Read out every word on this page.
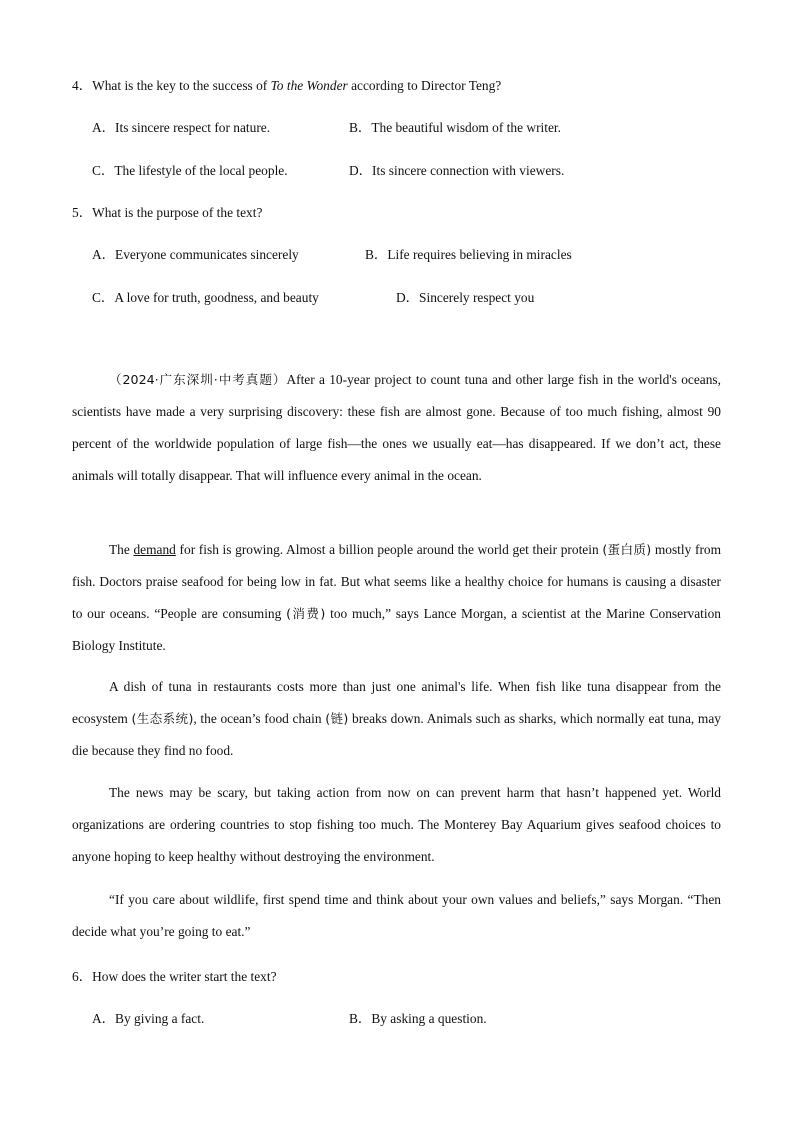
4．What is the key to the success of To the Wonder according to Director Teng?
A．Its sincere respect for nature.	B．The beautiful wisdom of the writer.
C．The lifestyle of the local people.	D．Its sincere connection with viewers.
5．What is the purpose of the text?
A．Everyone communicates sincerely	B．Life requires believing in miracles
C．A love for truth, goodness, and beauty	D．Sincerely respect you

（2024·广东深圳·中考真题）After a 10-year project to count tuna and other large fish in the world's oceans, scientists have made a very surprising discovery: these fish are almost gone. Because of too much fishing, almost 90 percent of the worldwide population of large fish—the ones we usually eat—has disappeared. If we don’t act, these animals will totally disappear. That will influence every animal in the ocean.

The demand for fish is growing. Almost a billion people around the world get their protein (蛋白质) mostly from fish. Doctors praise seafood for being low in fat. But what seems like a healthy choice for humans is causing a disaster to our oceans. “People are consuming (消费) too much,” says Lance Morgan, a scientist at the Marine Conservation Biology Institute.

A dish of tuna in restaurants costs more than just one animal's life. When fish like tuna disappear from the ecosystem (生态系统), the ocean’s food chain (链) breaks down. Animals such as sharks, which normally eat tuna, may die because they find no food.

The news may be scary, but taking action from now on can prevent harm that hasn’t happened yet. World organizations are ordering countries to stop fishing too much. The Monterey Bay Aquarium gives seafood choices to anyone hoping to keep healthy without destroying the environment.

“If you care about wildlife, first spend time and think about your own values and beliefs,” says Morgan. “Then decide what you’re going to eat.”

6．How does the writer start the text?
A．By giving a fact.	B．By asking a question.
